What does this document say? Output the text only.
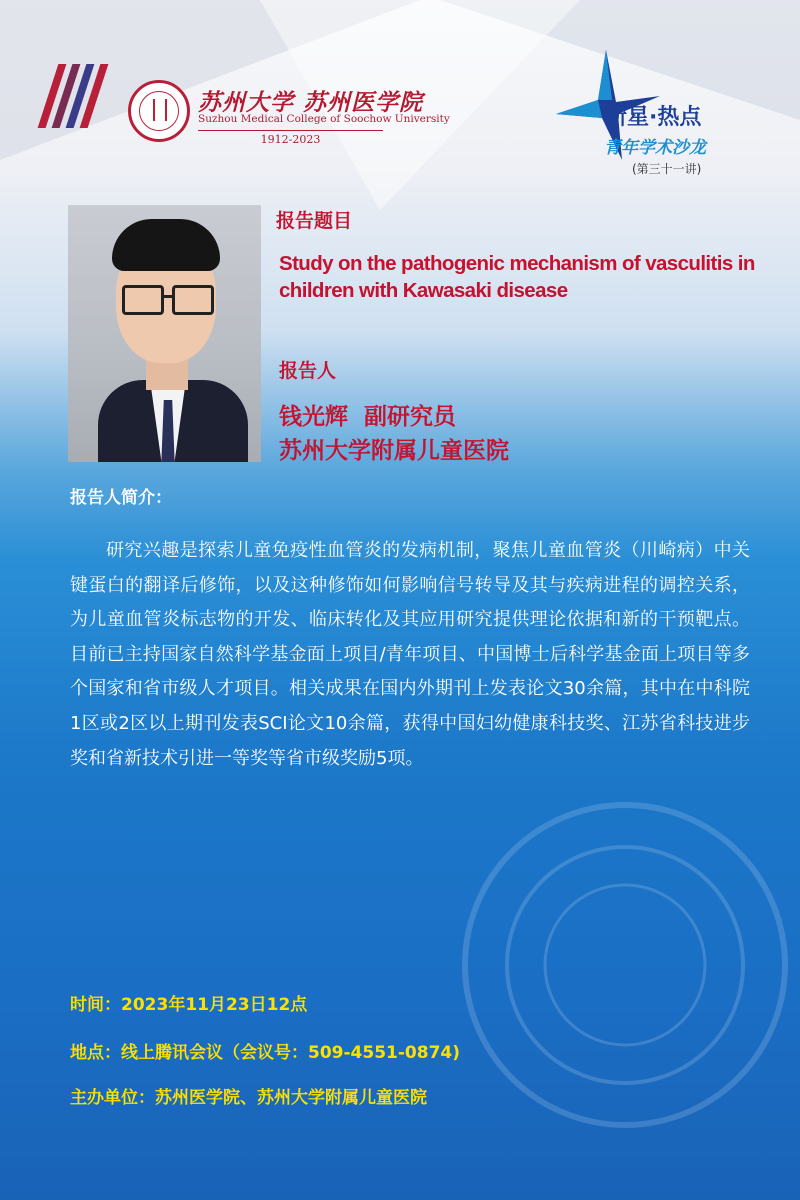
苏州大学 苏州医学院
Suzhou Medical College of Soochow University
1912-2023
新星·热点
青年学术沙龙
(第三十一讲)
报告题目
Study on the pathogenic mechanism of vasculitis in children with Kawasaki disease
报告人
钱光辉  副研究员
苏州大学附属儿童医院
报告人简介：

研究兴趣是探索儿童免疫性血管炎的发病机制，聚焦儿童血管炎（川崎病）中关键蛋白的翻译后修饰，以及这种修饰如何影响信号转导及其与疾病进程的调控关系，为儿童血管炎标志物的开发、临床转化及其应用研究提供理论依据和新的干预靶点。目前已主持国家自然科学基金面上项目/青年项目、中国博士后科学基金面上项目等多个国家和省市级人才项目。相关成果在国内外期刊上发表论文30余篇，其中在中科院1区或2区以上期刊发表SCI论文10余篇，获得中国妇幼健康科技奖、江苏省科技进步奖和省新技术引进一等奖等省市级奖励5项。

时间：2023年11月23日12点
地点：线上腾讯会议（会议号：509-4551-0874)
主办单位：苏州医学院、苏州大学附属儿童医院
